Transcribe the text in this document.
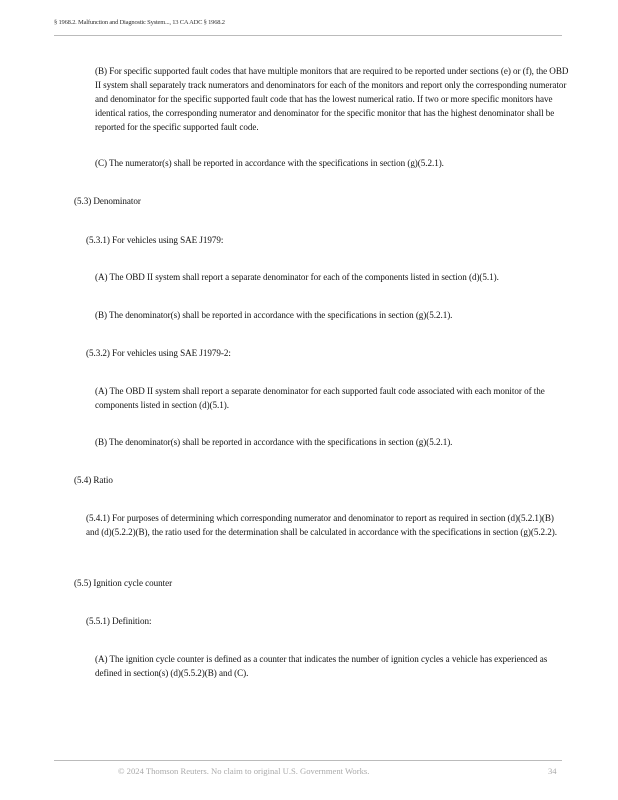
§ 1968.2. Malfunction and Diagnostic System..., 13 CA ADC § 1968.2

(B) For specific supported fault codes that have multiple monitors that are required to be reported under sections (e) or (f), the OBD II system shall separately track numerators and denominators for each of the monitors and report only the corresponding numerator and denominator for the specific supported fault code that has the lowest numerical ratio. If two or more specific monitors have identical ratios, the corresponding numerator and denominator for the specific monitor that has the highest denominator shall be reported for the specific supported fault code.

(C) The numerator(s) shall be reported in accordance with the specifications in section (g)(5.2.1).

(5.3) Denominator

(5.3.1) For vehicles using SAE J1979:

(A) The OBD II system shall report a separate denominator for each of the components listed in section (d)(5.1).

(B) The denominator(s) shall be reported in accordance with the specifications in section (g)(5.2.1).

(5.3.2) For vehicles using SAE J1979-2:

(A) The OBD II system shall report a separate denominator for each supported fault code associated with each monitor of the components listed in section (d)(5.1).

(B) The denominator(s) shall be reported in accordance with the specifications in section (g)(5.2.1).

(5.4) Ratio

(5.4.1) For purposes of determining which corresponding numerator and denominator to report as required in section (d)(5.2.1)(B) and (d)(5.2.2)(B), the ratio used for the determination shall be calculated in accordance with the specifications in section (g)(5.2.2).

(5.5) Ignition cycle counter

(5.5.1) Definition:

(A) The ignition cycle counter is defined as a counter that indicates the number of ignition cycles a vehicle has experienced as defined in section(s) (d)(5.5.2)(B) and (C).

© 2024 Thomson Reuters. No claim to original U.S. Government Works.	34
